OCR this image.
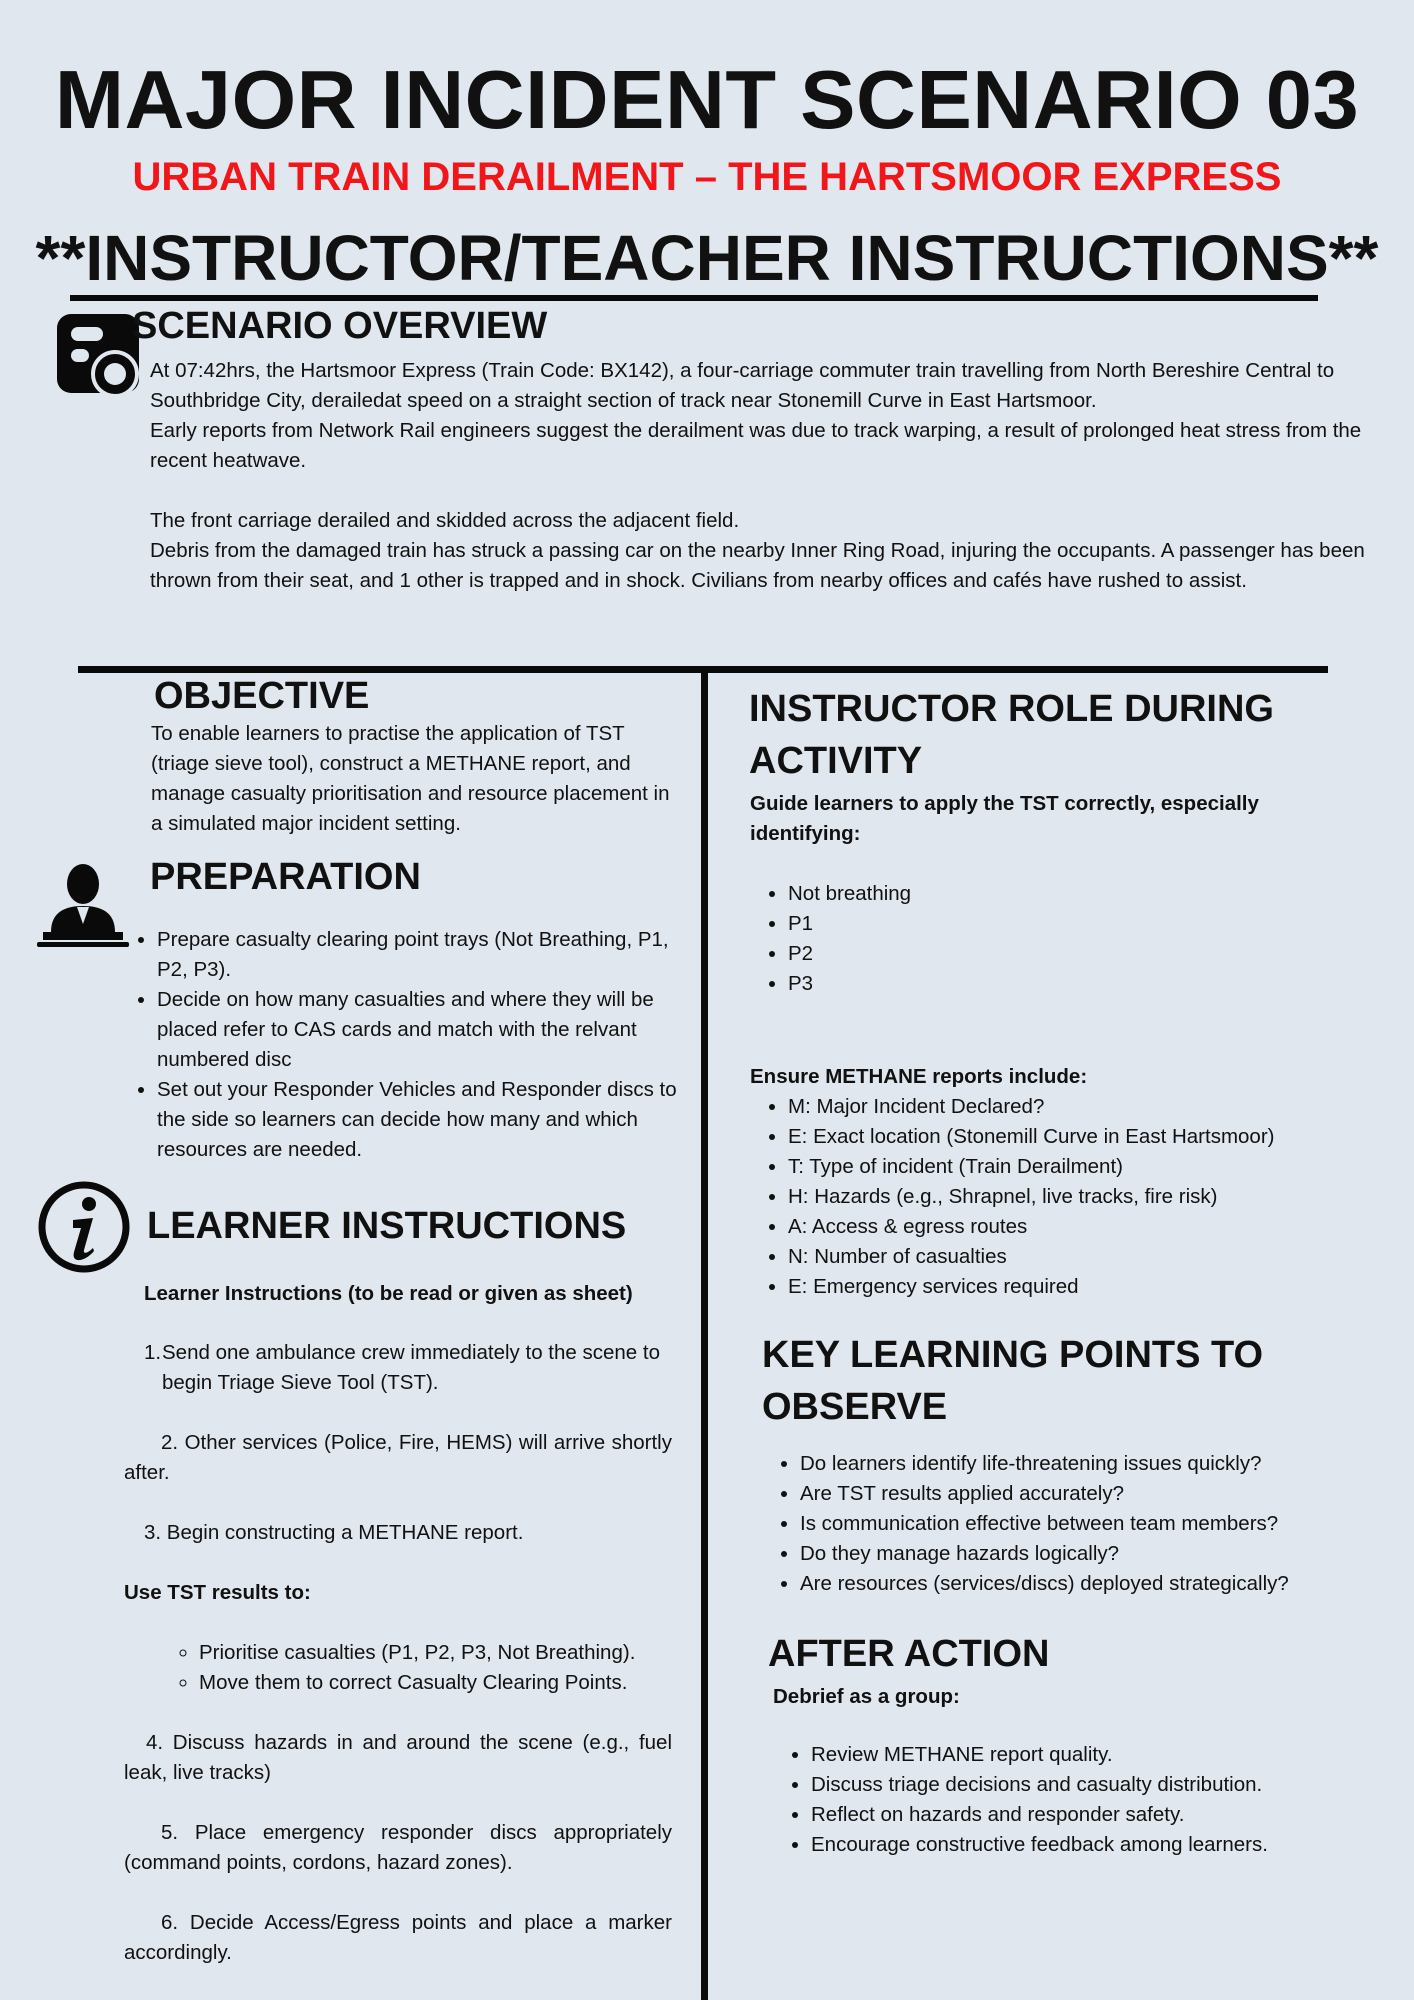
MAJOR INCIDENT SCENARIO 03
URBAN TRAIN DERAILMENT – THE HARTSMOOR EXPRESS
**INSTRUCTOR/TEACHER INSTRUCTIONS**
SCENARIO OVERVIEW

At 07:42hrs, the Hartsmoor Express (Train Code: BX142), a four-carriage commuter train travelling from North Bereshire Central to Southbridge City, derailedat speed on a straight section of track near Stonemill Curve in East Hartsmoor.

Early reports from Network Rail engineers suggest the derailment was due to track warping, a result of prolonged heat stress from the recent heatwave.

The front carriage derailed and skidded across the adjacent field.

Debris from the damaged train has struck a passing car on the nearby Inner Ring Road, injuring the occupants. A passenger has been thrown from their seat, and 1 other is trapped and in shock. Civilians from nearby offices and cafés have rushed to assist.

OBJECTIVE

To enable learners to practise the application of TST (triage sieve tool), construct a METHANE report, and manage casualty prioritisation and resource placement in a simulated major incident setting.

PREPARATION
• Prepare casualty clearing point trays (Not Breathing, P1, P2, P3).
• Decide on how many casualties and where they will be placed refer to CAS cards and match with the relvant numbered disc
• Set out your Responder Vehicles and Responder discs to the side so learners can decide how many and which resources are needed.
LEARNER INSTRUCTIONS
Learner Instructions (to be read or given as sheet)
1. Send one ambulance crew immediately to the scene to begin Triage Sieve Tool (TST).

2. Other services (Police, Fire, HEMS) will arrive shortly after.

3. Begin constructing a METHANE report.

Use TST results to:
◦ Prioritise casualties (P1, P2, P3, Not Breathing).
◦ Move them to correct Casualty Clearing Points.

4. Discuss hazards in and around the scene (e.g., fuel leak, live tracks)

5. Place emergency responder discs appropriately (command points, cordons, hazard zones).

6. Decide Access/Egress points and place a marker accordingly.

INSTRUCTOR ROLE DURING ACTIVITY

Guide learners to apply the TST correctly, especially identifying:

• Not breathing
• P1
• P2
• P3
Ensure METHANE reports include:
• M: Major Incident Declared?
• E: Exact location (Stonemill Curve in East Hartsmoor)
• T: Type of incident (Train Derailment)
• H: Hazards (e.g., Shrapnel, live tracks, fire risk)
• A: Access & egress routes
• N: Number of casualties
• E: Emergency services required
KEY LEARNING POINTS TO OBSERVE
• Do learners identify life-threatening issues quickly?
• Are TST results applied accurately?
• Is communication effective between team members?
• Do they manage hazards logically?
• Are resources (services/discs) deployed strategically?
AFTER ACTION
Debrief as a group:
• Review METHANE report quality.
• Discuss triage decisions and casualty distribution.
• Reflect on hazards and responder safety.
• Encourage constructive feedback among learners.
